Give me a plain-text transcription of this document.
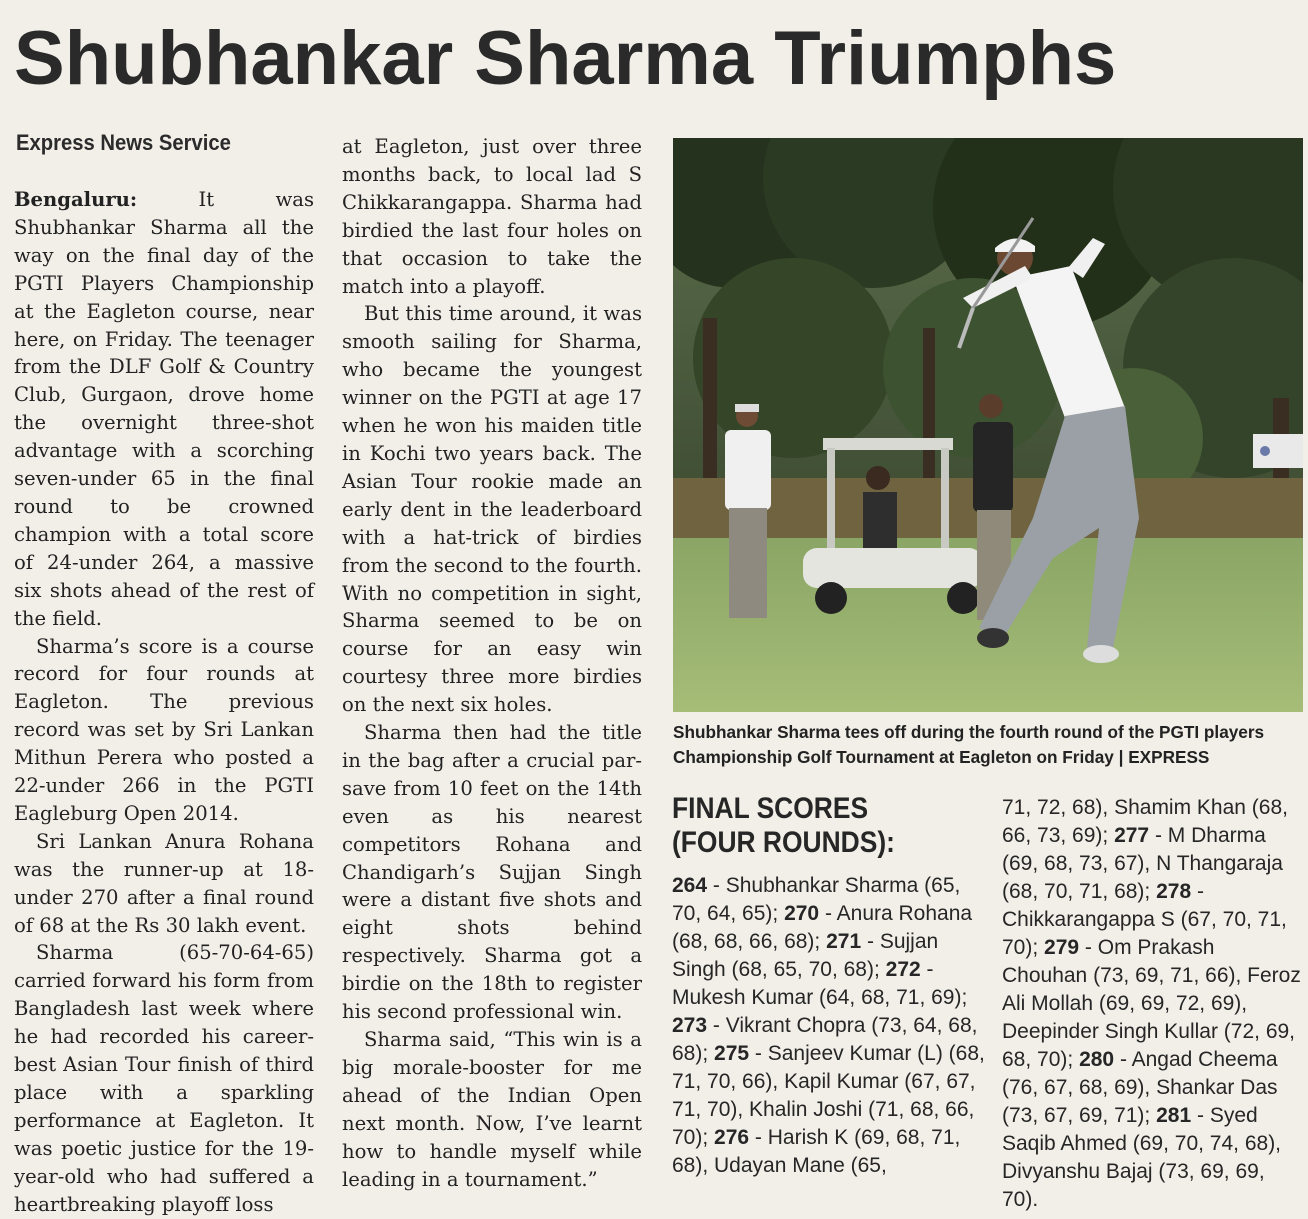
Shubhankar Sharma Triumphs
Express News Service

Bengaluru:	It was Shubhankar Sharma all the way on the final day of the PGTI Players Championship at the Eagleton course, near here, on Friday. The teenager from the DLF Golf & Country Club, Gurgaon, drove home the overnight three-shot advantage with a scorching seven-under 65 in the final round to be crowned champion with a total score of 24-under 264, a massive six shots ahead of the rest of the field.

Sharma’s score is a course record for four rounds at Eagleton. The previous record was set by Sri Lankan Mithun Perera who posted a 22-under 266 in the PGTI Eagleburg Open 2014.

Sri Lankan Anura Rohana was the runner-up at 18-under 270 after a final round of 68 at the Rs 30 lakh event.

Sharma (65-70-64-65) carried forward his form from Bangladesh last week where he had recorded his career-best Asian Tour finish of third place with a sparkling performance at Eagleton. It was poetic justice for the 19-year-old who had suffered a heartbreaking playoff loss

at Eagleton, just over three months back, to local lad S Chikkarangappa. Sharma had birdied the last four holes on that occasion to take the match into a playoff.

But this time around, it was smooth sailing for Sharma, who became the youngest winner on the PGTI at age 17 when he won his maiden title in Kochi two years back. The Asian Tour rookie made an early dent in the leaderboard with a hat-trick of birdies from the second to the fourth. With no competition in sight, Sharma seemed to be on course for an easy win courtesy three more birdies on the next six holes.

Sharma then had the title in the bag after a crucial par-save from 10 feet on the 14th even as his nearest competitors Rohana and Chandigarh’s Sujjan Singh were a distant five shots and eight shots behind respectively. Sharma got a birdie on the 18th to register his second professional win.

Sharma said, “This win is a big morale-booster for me ahead of the Indian Open next month. Now, I’ve learnt how to handle myself while leading in a tournament.”

Shubhankar Sharma tees off during the fourth round of the PGTI players Championship Golf Tournament at Eagleton on Friday | EXPRESS
FINAL SCORES (FOUR ROUNDS):
264 - Shubhankar Sharma (65, 70, 64, 65); 270 - Anura Rohana (68, 68, 66, 68); 271 - Sujjan Singh (68, 65, 70, 68); 272 - Mukesh Kumar (64, 68, 71, 69); 273 - Vikrant Chopra (73, 64, 68, 68); 275 - Sanjeev Kumar (L) (68, 71, 70, 66), Kapil Kumar (67, 67, 71, 70), Khalin Joshi (71, 68, 66, 70); 276 - Harish K (69, 68, 71, 68), Udayan Mane (65,
71, 72, 68), Shamim Khan (68, 66, 73, 69); 277 - M Dharma (69, 68, 73, 67), N Thangaraja (68, 70, 71, 68); 278 - Chikkarangappa S (67, 70, 71, 70); 279 - Om Prakash Chouhan (73, 69, 71, 66), Feroz Ali Mollah (69, 69, 72, 69), Deepinder Singh Kullar (72, 69, 68, 70); 280 - Angad Cheema (76, 67, 68, 69), Shankar Das (73, 67, 69, 71); 281 - Syed Saqib Ahmed (69, 70, 74, 68), Divyanshu Bajaj (73, 69, 69, 70).
